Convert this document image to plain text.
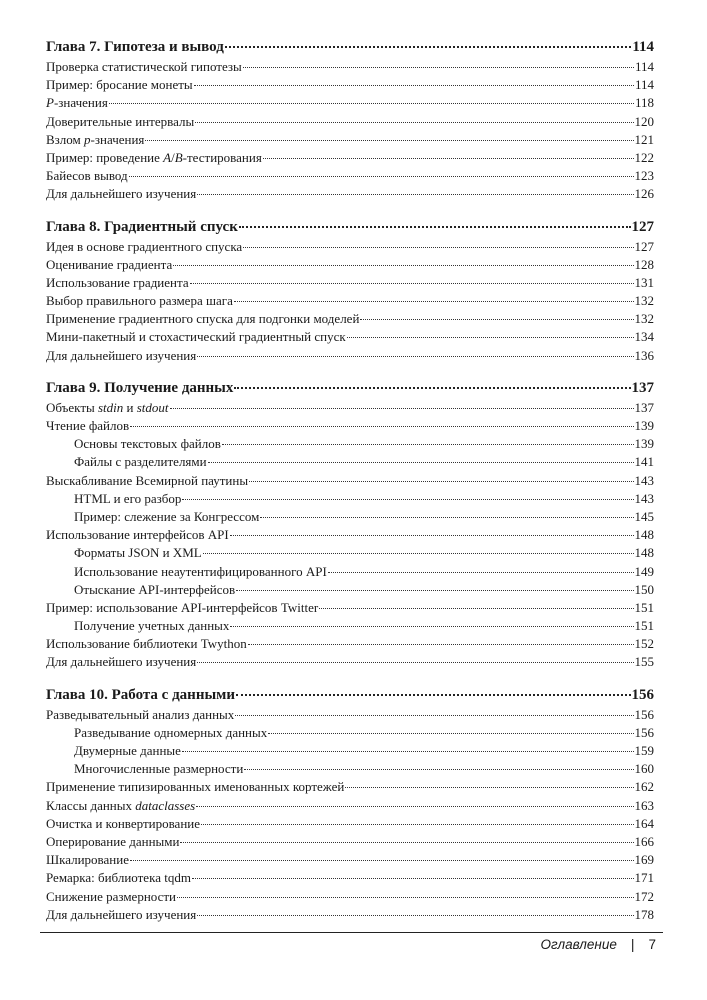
Глава 7. Гипотеза и вывод	114
Проверка статистической гипотезы	114
Пример: бросание монеты	114
P-значения	118
Доверительные интервалы	120
Взлом p-значения	121
Пример: проведение A/B-тестирования	122
Байесов вывод	123
Для дальнейшего изучения	126
Глава 8. Градиентный спуск	127
Идея в основе градиентного спуска	127
Оценивание градиента	128
Использование градиента	131
Выбор правильного размера шага	132
Применение градиентного спуска для подгонки моделей	132
Мини-пакетный и стохастический градиентный спуск	134
Для дальнейшего изучения	136
Глава 9. Получение данных	137
Объекты stdin и stdout	137
Чтение файлов	139
Основы текстовых файлов	139
Файлы с разделителями	141
Выскабливание Всемирной паутины	143
HTML и его разбор	143
Пример: слежение за Конгрессом	145
Использование интерфейсов API	148
Форматы JSON и XML	148
Использование неаутентифицированного API	149
Отыскание API-интерфейсов	150
Пример: использование API-интерфейсов Twitter	151
Получение учетных данных	151
Использование библиотеки Twython	152
Для дальнейшего изучения	155
Глава 10. Работа с данными	156
Разведывательный анализ данных	156
Разведывание одномерных данных	156
Двумерные данные	159
Многочисленные размерности	160
Применение типизированных именованных кортежей	162
Классы данных dataclasses	163
Очистка и конвертирование	164
Оперирование данными	166
Шкалирование	169
Ремарка: библиотека tqdm	171
Снижение размерности	172
Для дальнейшего изучения	178
Оглавление | 7
